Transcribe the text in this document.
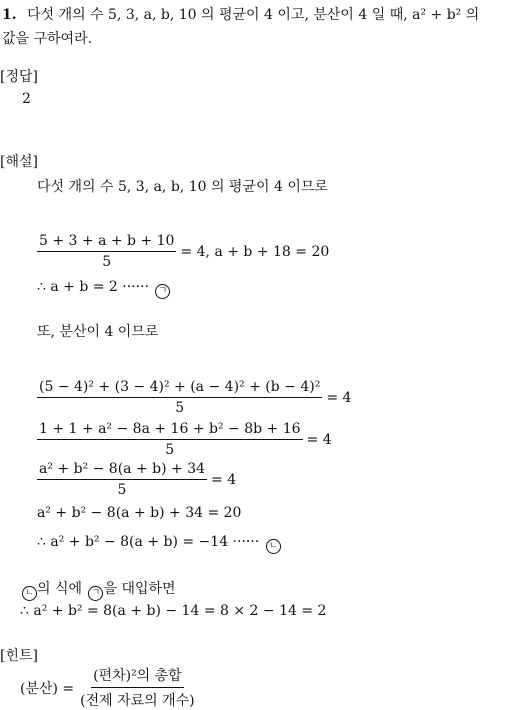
1. 다섯 개의 수 5, 3, a, b, 10 의 평균이 4 이고, 분산이 4 일 때, a² + b² 의
값을 구하여라.
[정답]
2
[해설]
다섯 개의 수 5, 3, a, b, 10 의 평균이 4 이므로
$\frac{5 + 3 + a + b + 10}{5} = 4$, a + b + 18 = 20
∴ a + b = 2 ······ ㄱ
또, 분산이 4 이므로
$\frac{\text{(5 − 4)² + (3 − 4)² + (a − 4)² + (b − 4)²}}{5} = 4$
$\frac{\text{1 + 1 + a² − 8a + 16 + b² − 8b + 16}}{5} = 4$
$\frac{\text{a² + b² − 8(a + b) + 34}}{5} = 4$
a² + b² − 8(a + b) + 34 = 20
∴ a² + b² − 8(a + b) = −14 ······ ㄴ
ㄴ 의 식에 ㄱ 을 대입하면
∴ a² + b² = 8(a + b) − 14 = 8 × 2 − 14 = 2
[힌트]
(분산) = $\frac{\text{(편차)²의 총합}}{\text{(전제 자료의 개수)}}$
